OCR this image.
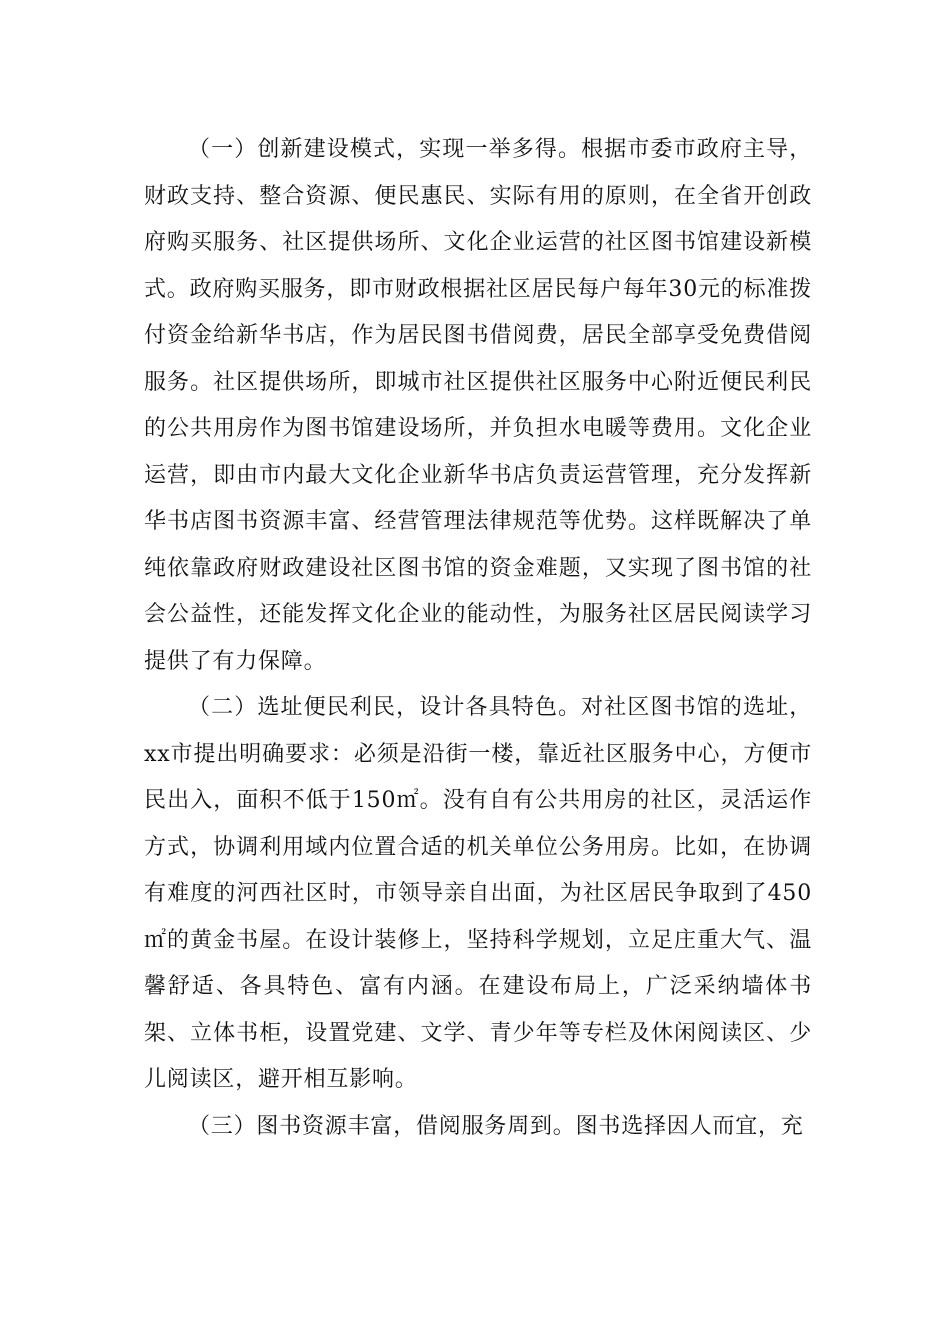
（一）创新建设模式，实现一举多得。根据市委市政府主导，财政支持、整合资源、便民惠民、实际有用的原则，在全省开创政府购买服务、社区提供场所、文化企业运营的社区图书馆建设新模式。政府购买服务，即市财政根据社区居民每户每年30元的标准拨付资金给新华书店，作为居民图书借阅费，居民全部享受免费借阅服务。社区提供场所，即城市社区提供社区服务中心附近便民利民的公共用房作为图书馆建设场所，并负担水电暖等费用。文化企业运营，即由市内最大文化企业新华书店负责运营管理，充分发挥新华书店图书资源丰富、经营管理法律规范等优势。这样既解决了单纯依靠政府财政建设社区图书馆的资金难题，又实现了图书馆的社会公益性，还能发挥文化企业的能动性，为服务社区居民阅读学习提供了有力保障。

（二）选址便民利民，设计各具特色。对社区图书馆的选址，xx市提出明确要求：必须是沿街一楼，靠近社区服务中心，方便市民出入，面积不低于150㎡。没有自有公共用房的社区，灵活运作方式，协调利用域内位置合适的机关单位公务用房。比如，在协调有难度的河西社区时，市领导亲自出面，为社区居民争取到了450㎡的黄金书屋。在设计装修上，坚持科学规划，立足庄重大气、温馨舒适、各具特色、富有内涵。在建设布局上，广泛采纳墙体书架、立体书柜，设置党建、文学、青少年等专栏及休闲阅读区、少儿阅读区，避开相互影响。

（三）图书资源丰富，借阅服务周到。图书选择因人而宜，充
